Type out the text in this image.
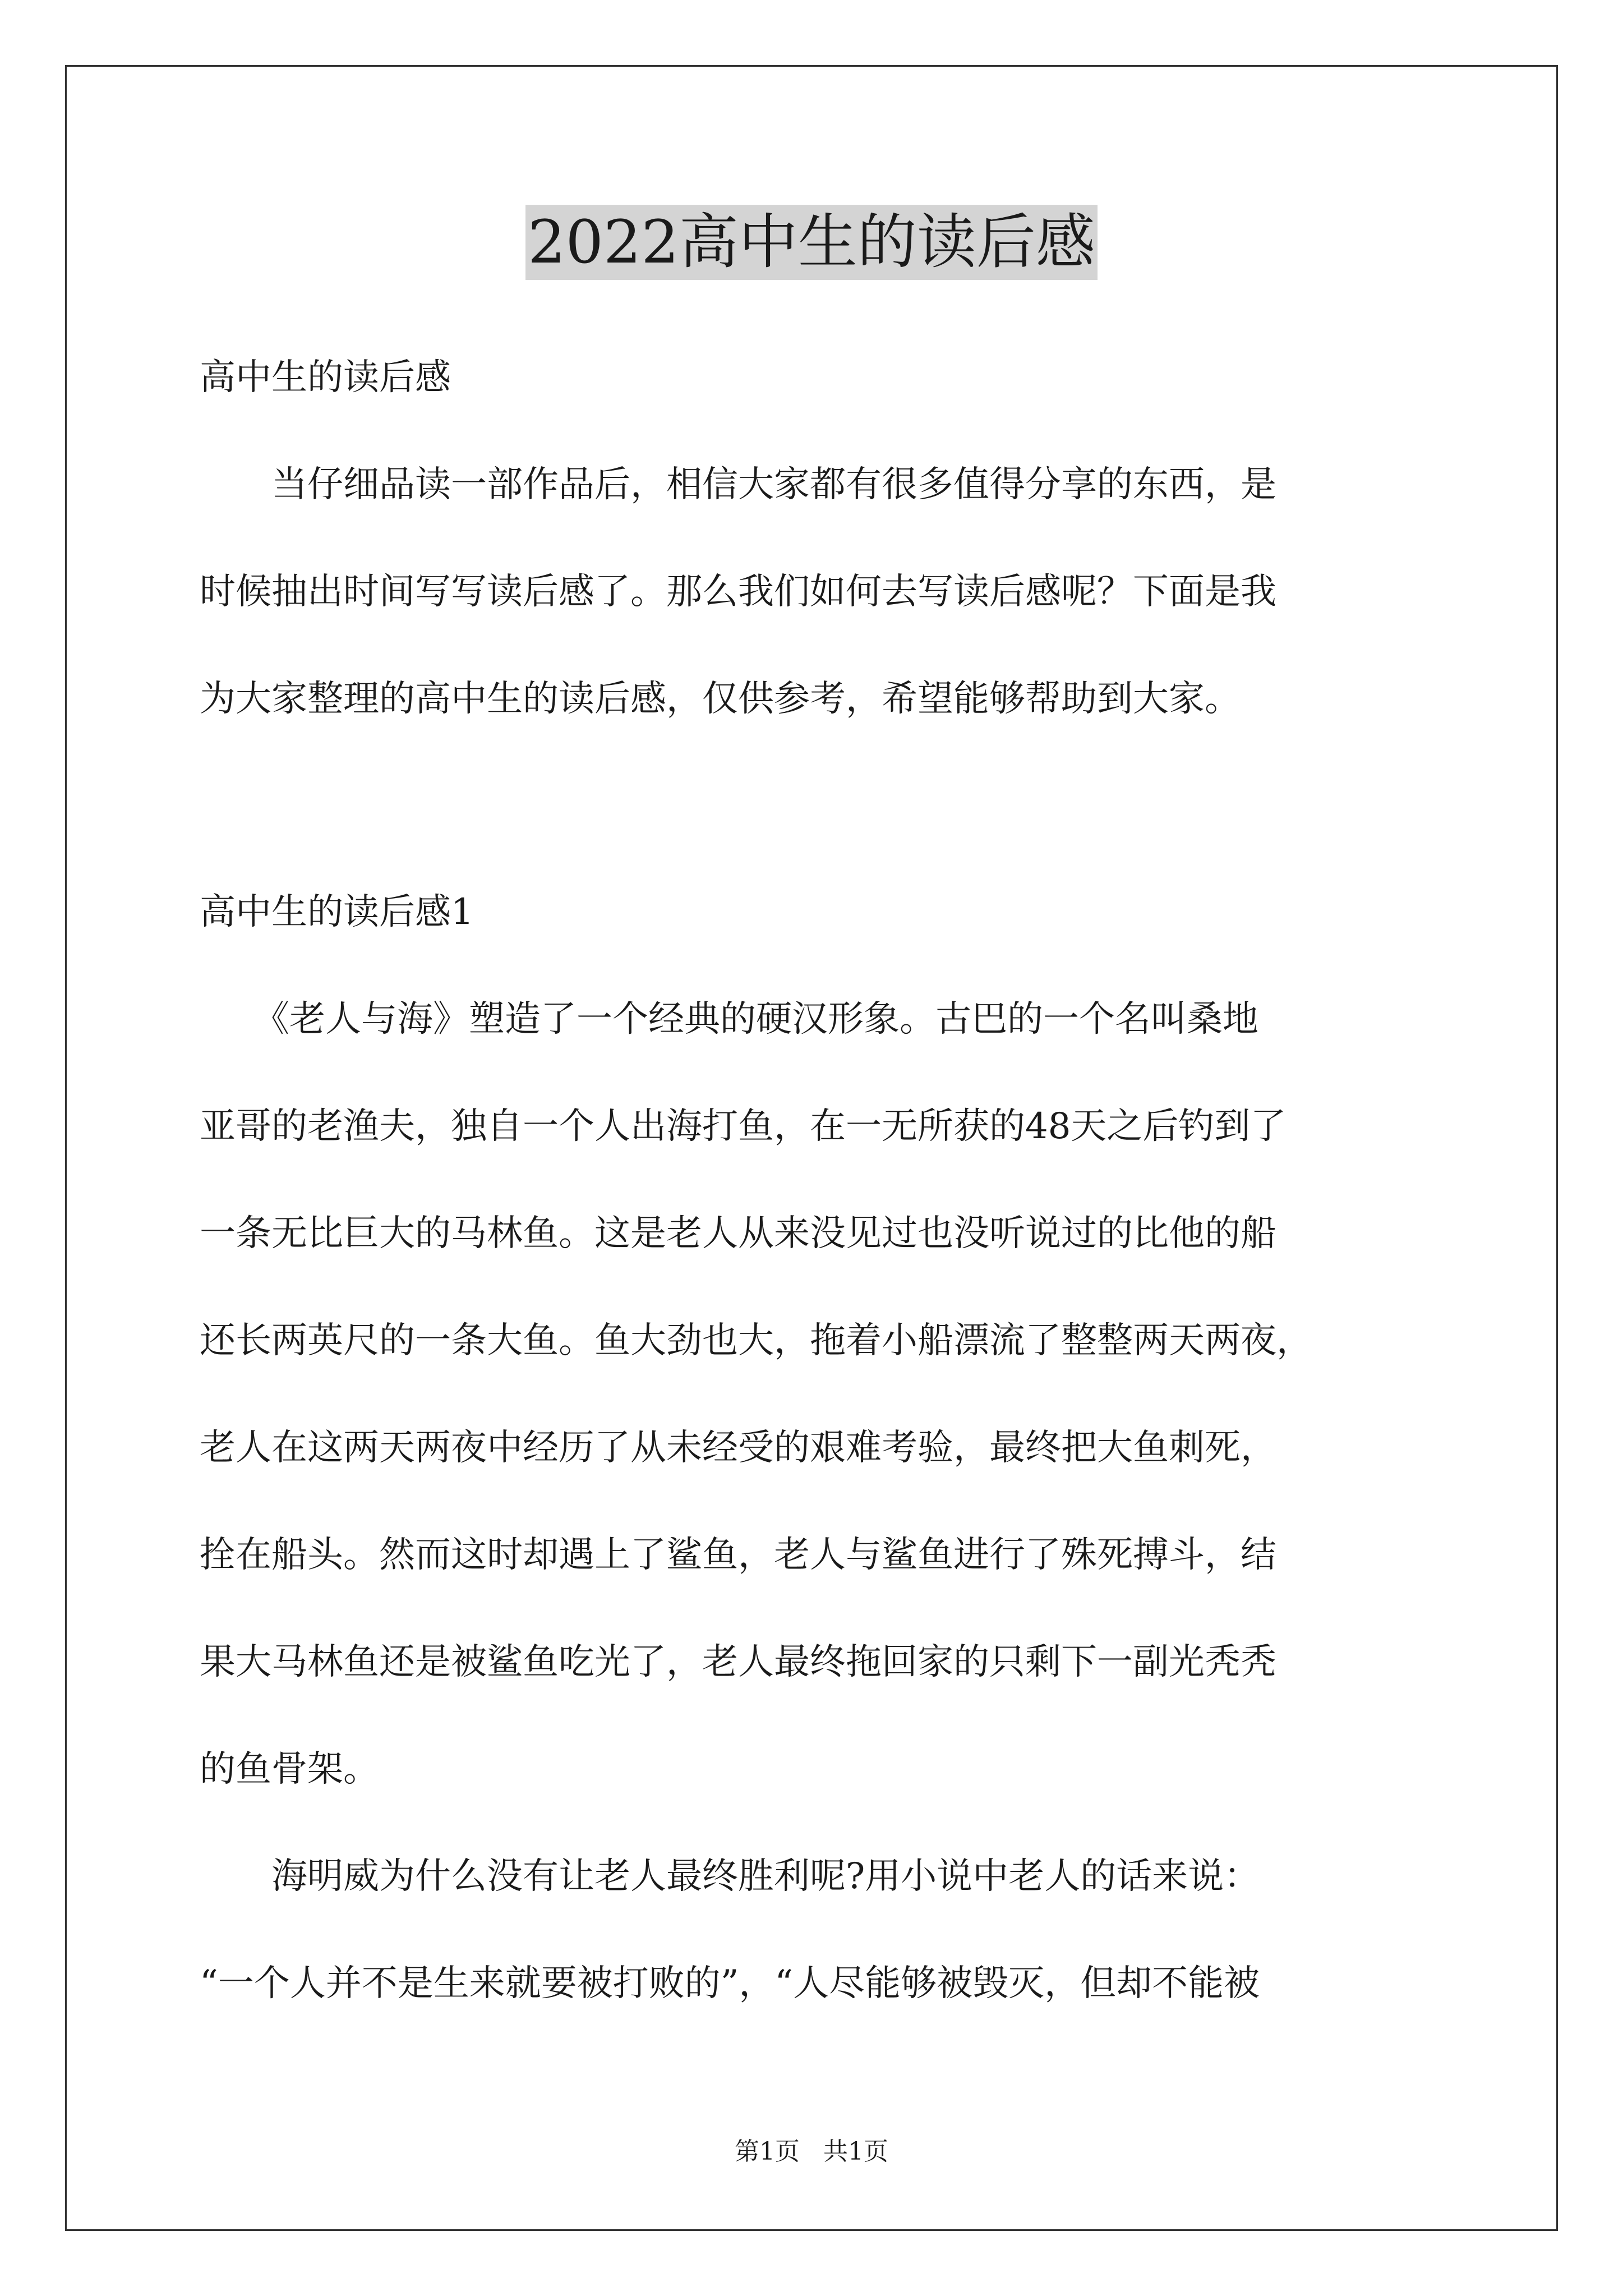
2022高中生的读后感
高中生的读后感
　　当仔细品读一部作品后，相信大家都有很多值得分享的东西，是
时候抽出时间写写读后感了。那么我们如何去写读后感呢？下面是我
为大家整理的高中生的读后感，仅供参考，希望能够帮助到大家。
高中生的读后感1
　　《老人与海》塑造了一个经典的硬汉形象。古巴的一个名叫桑地
亚哥的老渔夫，独自一个人出海打鱼，在一无所获的48天之后钓到了
一条无比巨大的马林鱼。这是老人从来没见过也没听说过的比他的船
还长两英尺的一条大鱼。鱼大劲也大，拖着小船漂流了整整两天两夜，
老人在这两天两夜中经历了从未经受的艰难考验，最终把大鱼刺死，
拴在船头。然而这时却遇上了鲨鱼，老人与鲨鱼进行了殊死搏斗，结
果大马林鱼还是被鲨鱼吃光了，老人最终拖回家的只剩下一副光秃秃
的鱼骨架。
　　海明威为什么没有让老人最终胜利呢?用小说中老人的话来说：
“一个人并不是生来就要被打败的”，“人尽能够被毁灭，但却不能被
第1页   共1页
